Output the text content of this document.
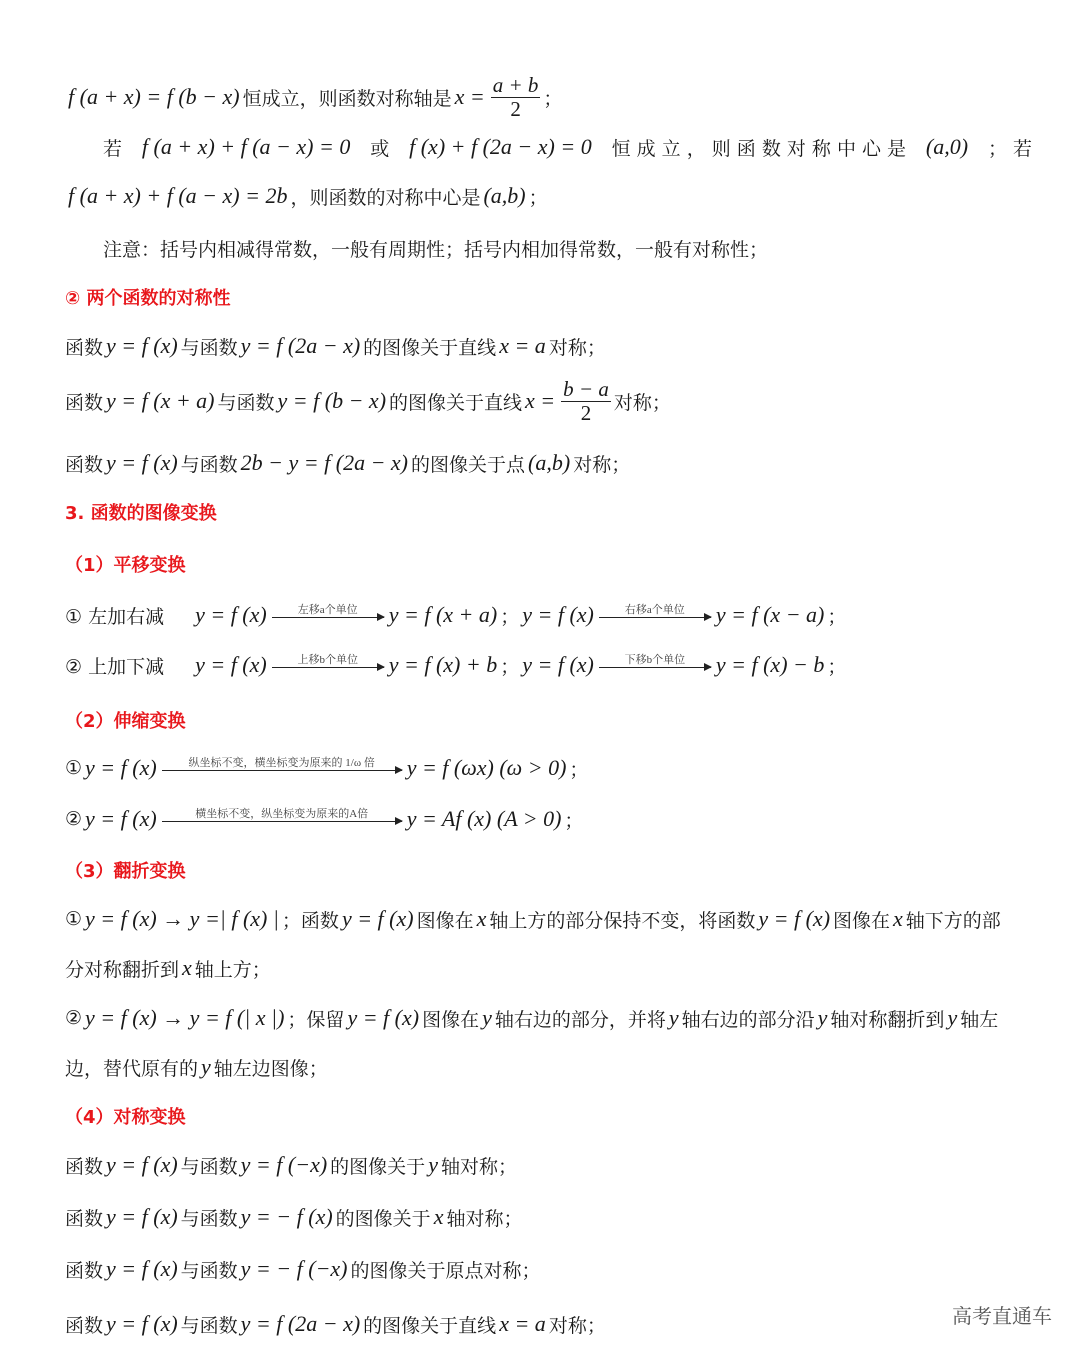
f (a + x) = f (b − x) 恒成立，则函数对称轴是 $x = \frac{a + b}{2}$ ；
若 f (a + x) + f (a − x) = 0 或 f (x) + f (2a − x) = 0 恒 成 立 ， 则 函 数 对 称 中 心 是 (a,0) ； 若
f (a + x) + f (a − x) = 2b ，则函数的对称中心是 (a,b) ；
注意：括号内相减得常数，一般有周期性；括号内相加得常数，一般有对称性；
② 两个函数的对称性
函数 y = f (x) 与函数 y = f (2a − x) 的图像关于直线 x = a 对称；
函数 y = f (x + a) 与函数 y = f (b − x) 的图像关于直线 $x = \frac{b - a}{2}$ 对称；
函数 y = f (x) 与函数 2b − y = f (2a − x) 的图像关于点 (a,b) 对称；
3. 函数的图像变换
（1）平移变换
① 左加右减 y = f (x)	左移a个单位	y = f (x + a) ； y = f (x)	右移a个单位	y = f (x − a) ；
② 上加下减 y = f (x)	上移b个单位	y = f (x) + b ； y = f (x)	下移b个单位	y = f (x) − b ；
（2）伸缩变换
① y = f (x)	纵坐标不变，横坐标变为原来的 1/ω 倍	y = f (ωx) (ω > 0) ；
② y = f (x)	横坐标不变，纵坐标变为原来的A倍	y = Af (x) (A > 0) ；
（3）翻折变换
① y = f (x) → y =| f (x) | ；函数 y = f (x) 图像在 x 轴上方的部分保持不变，将函数 y = f (x) 图像在 x 轴下方的部
分对称翻折到 x 轴上方；
② y = f (x) → y = f (| x |) ；保留 y = f (x) 图像在 y 轴右边的部分，并将 y 轴右边的部分沿 y 轴对称翻折到 y 轴左
边，替代原有的 y 轴左边图像；
（4）对称变换
函数 y = f (x) 与函数 y = f (−x) 的图像关于 y 轴对称；
函数 y = f (x) 与函数 y = − f (x) 的图像关于 x 轴对称；
函数 y = f (x) 与函数 y = − f (−x) 的图像关于原点对称；
函数 y = f (x) 与函数 y = f (2a − x) 的图像关于直线 x = a 对称；	高考直通车
